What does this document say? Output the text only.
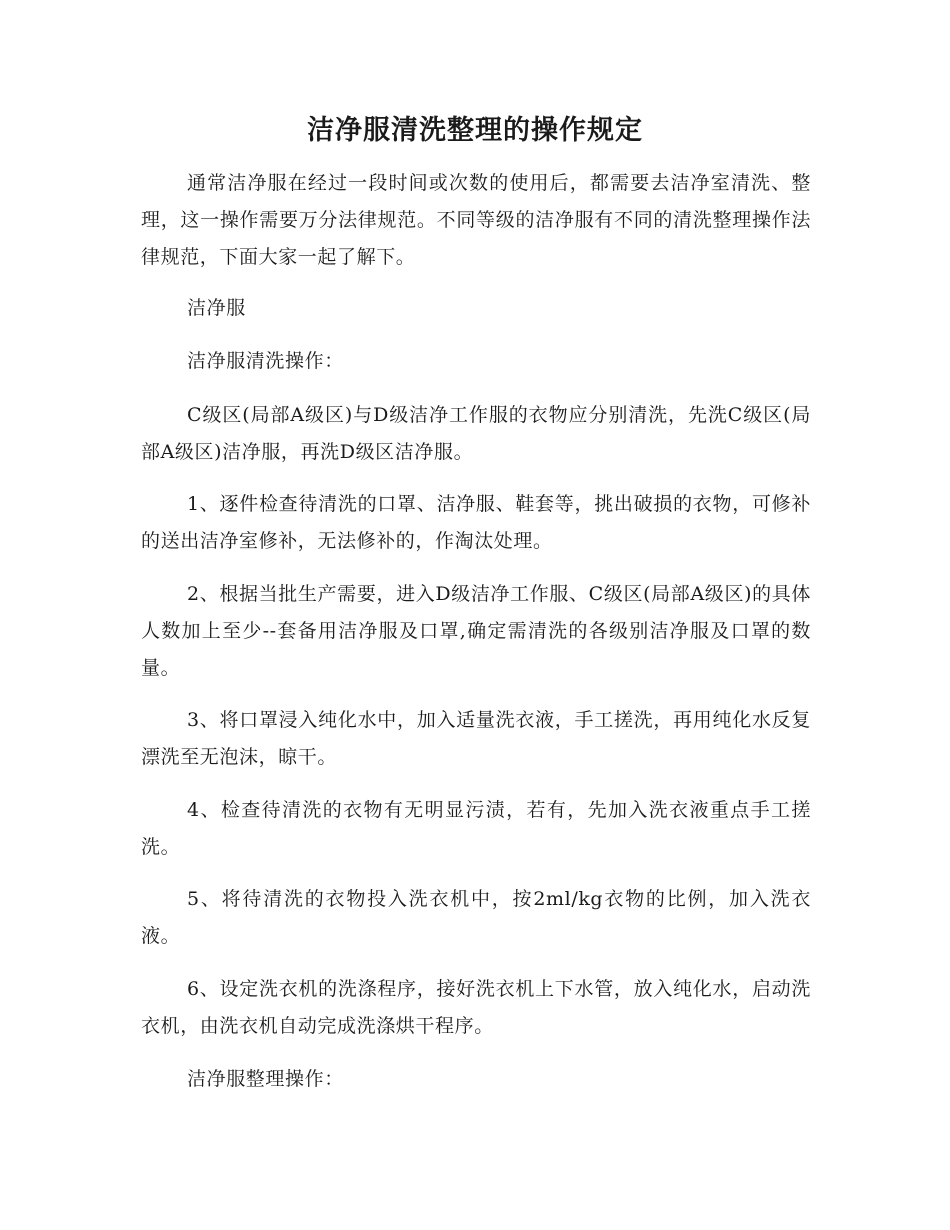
洁净服清洗整理的操作规定

通常洁净服在经过一段时间或次数的使用后，都需要去洁净室清洗、整理，这一操作需要万分法律规范。不同等级的洁净服有不同的清洗整理操作法律规范，下面大家一起了解下。

洁净服

洁净服清洗操作：

C级区(局部A级区)与D级洁净工作服的衣物应分别清洗，先洗C级区(局部A级区)洁净服，再洗D级区洁净服。

1、逐件检查待清洗的口罩、洁净服、鞋套等，挑出破损的衣物，可修补的送出洁净室修补，无法修补的，作淘汰处理。

2、根据当批生产需要，进入D级洁净工作服、C级区(局部A级区)的具体人数加上至少--套备用洁净服及口罩,确定需清洗的各级别洁净服及口罩的数量。

3、将口罩浸入纯化水中，加入适量洗衣液，手工搓洗，再用纯化水反复漂洗至无泡沫，晾干。

4、检查待清洗的衣物有无明显污渍，若有，先加入洗衣液重点手工搓洗。

5、将待清洗的衣物投入洗衣机中，按2ml/kg衣物的比例，加入洗衣液。

6、设定洗衣机的洗涤程序，接好洗衣机上下水管，放入纯化水，启动洗衣机，由洗衣机自动完成洗涤烘干程序。

洁净服整理操作：
